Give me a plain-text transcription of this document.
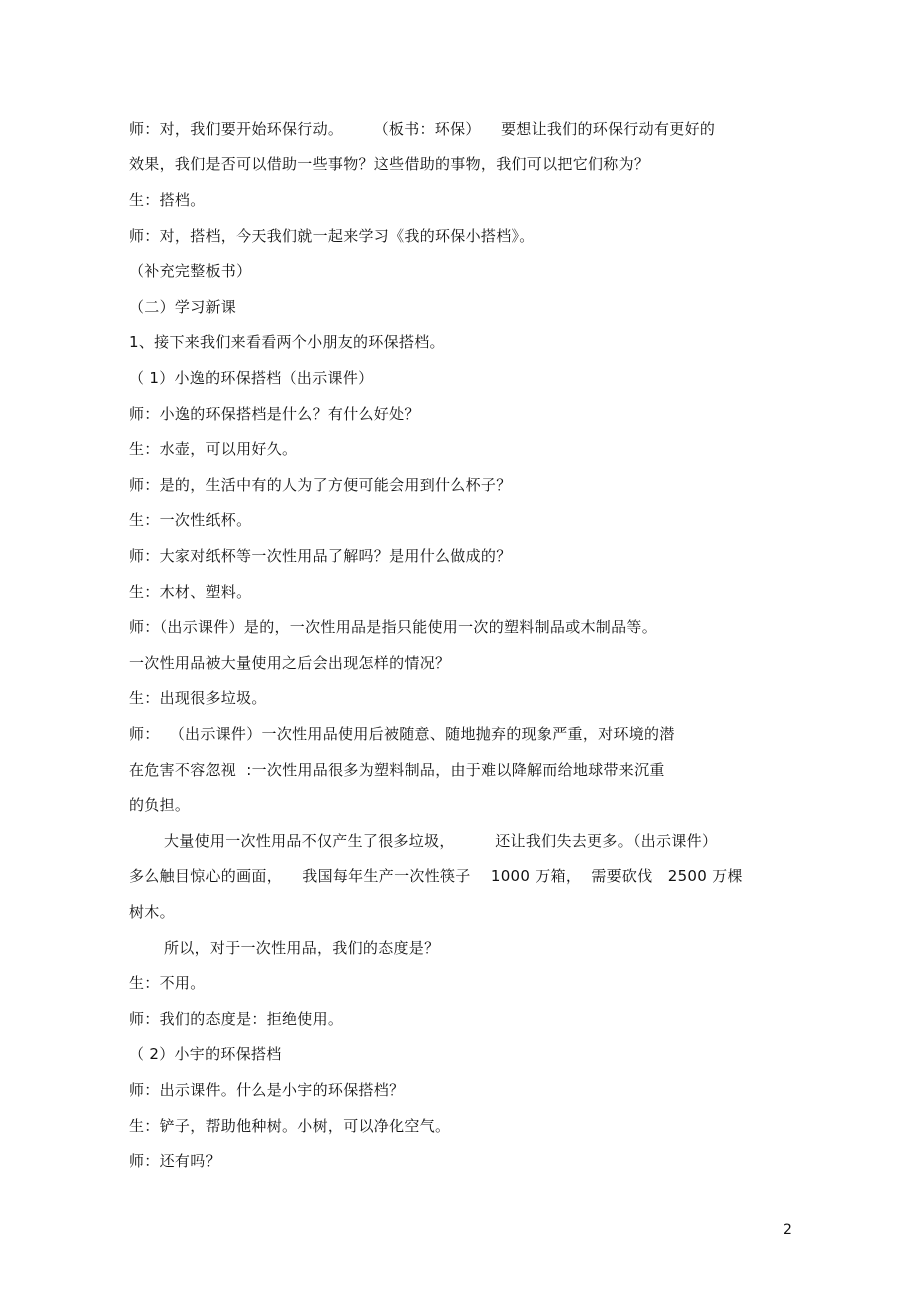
师：对，我们要开始环保行动。      （板书：环保）    要想让我们的环保行动有更好的
效果，我们是否可以借助一些事物？这些借助的事物，我们可以把它们称为？
生：搭档。
师：对，搭档，今天我们就一起来学习《我的环保小搭档》。
（补充完整板书）
（二）学习新课
1、接下来我们来看看两个小朋友的环保搭档。
（ 1）小逸的环保搭档（出示课件）
师：小逸的环保搭档是什么？有什么好处？
生：水壶，可以用好久。
师：是的，生活中有的人为了方便可能会用到什么杯子？
生：一次性纸杯。
师：大家对纸杯等一次性用品了解吗？是用什么做成的？
生：木材、塑料。
师：（出示课件）是的，一次性用品是指只能使用一次的塑料制品或木制品等。
一次性用品被大量使用之后会出现怎样的情况？
生：出现很多垃圾。
师：  （出示课件）一次性用品使用后被随意、随地抛弃的现象严重，对环境的潜
在危害不容忽视  :一次性用品很多为塑料制品，由于难以降解而给地球带来沉重
的负担。
大量使用一次性用品不仅产生了很多垃圾，        还让我们失去更多。（出示课件）
多么触目惊心的画面，    我国每年生产一次性筷子    1000 万箱，  需要砍伐   2500 万棵
树木。
所以，对于一次性用品，我们的态度是？
生：不用。
师：我们的态度是：拒绝使用。
（ 2）小宇的环保搭档
师：出示课件。什么是小宇的环保搭档？
生：铲子，帮助他种树。小树，可以净化空气。
师：还有吗？
2
